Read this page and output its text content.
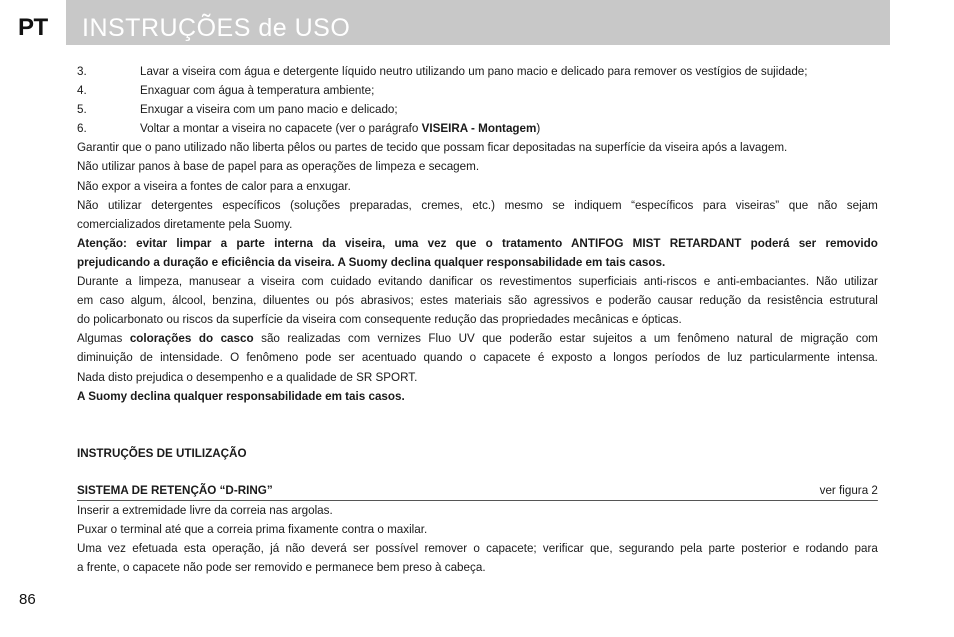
PT INSTRUÇÕES de USO
3.	Lavar a viseira com água e detergente líquido neutro utilizando um pano macio e delicado para remover os vestígios de sujidade;
4.	Enxaguar com água à temperatura ambiente;
5.	Enxugar a viseira com um pano macio e delicado;
6.	Voltar a montar a viseira no capacete (ver o parágrafo VISEIRA - Montagem)
Garantir que o pano utilizado não liberta pêlos ou partes de tecido que possam ficar depositadas na superfície da viseira após a lavagem.
Não utilizar panos à base de papel para as operações de limpeza e secagem.
Não expor a viseira a fontes de calor para a enxugar.
Não utilizar detergentes específicos (soluções preparadas, cremes, etc.) mesmo se indiquem “específicos para viseiras” que não sejam
comercializados diretamente pela Suomy.
Atenção: evitar limpar a parte interna da viseira, uma vez que o tratamento ANTIFOG MIST RETARDANT poderá ser removido
prejudicando a duração e eficiência da viseira. A Suomy declina qualquer responsabilidade em tais casos.
Durante a limpeza, manusear a viseira com cuidado evitando danificar os revestimentos superficiais anti-riscos e anti-embaciantes. Não utilizar
em caso algum, álcool, benzina, diluentes ou pós abrasivos; estes materiais são agressivos e poderão causar redução da resistência estrutural
do policarbonato ou riscos da superfície da viseira com consequente redução das propriedades mecânicas e ópticas.
Algumas colorações do casco são realizadas com vernizes Fluo UV que poderão estar sujeitos a um fenômeno natural de migração com
diminuição de intensidade. O fenômeno pode ser acentuado quando o capacete é exposto a longos períodos de luz particularmente intensa.
Nada disto prejudica o desempenho e a qualidade de SR SPORT.
A Suomy declina qualquer responsabilidade em tais casos.
INSTRUÇÕES DE UTILIZAÇÃO
SISTEMA DE RETENÇÃO “D-RING”	ver figura 2
Inserir a extremidade livre da correia nas argolas.
Puxar o terminal até que a correia prima fixamente contra o maxilar.
Uma vez efetuada esta operação, já não deverá ser possível remover o capacete; verificar que, segurando pela parte posterior e rodando para
a frente, o capacete não pode ser removido e permanece bem preso à cabeça.
86
